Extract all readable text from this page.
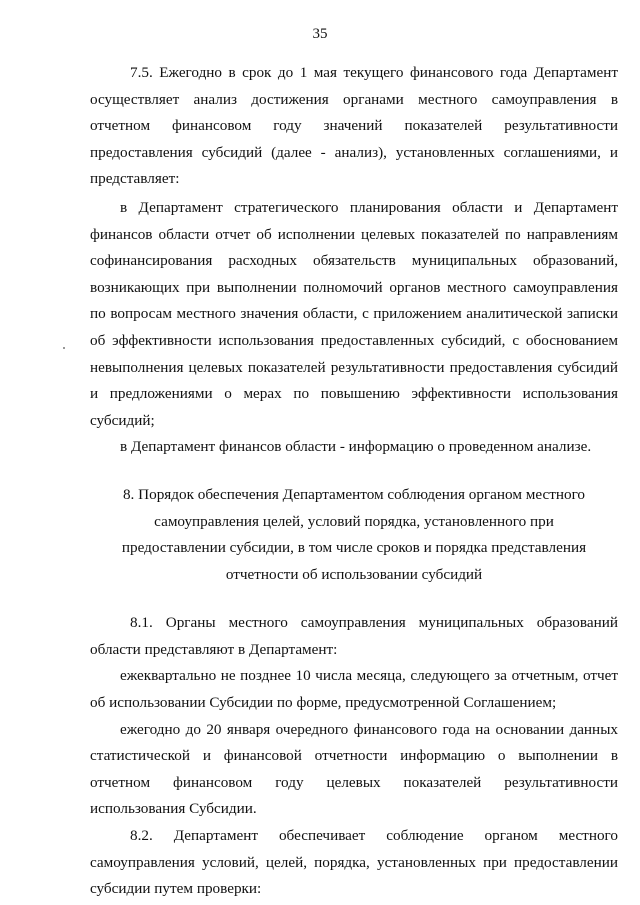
35

7.5. Ежегодно в срок до 1 мая текущего финансового года Департамент осуществляет анализ достижения органами местного самоуправления в отчетном финансовом году значений показателей результативности предоставления субсидий (далее - анализ), установленных соглашениями, и представляет:

в Департамент стратегического планирования области и Департамент финансов области отчет об исполнении целевых показателей по направлениям софинансирования расходных обязательств муниципальных образований, возникающих при выполнении полномочий органов местного самоуправления по вопросам местного значения области, с приложением аналитической записки об эффективности использования предоставленных субсидий, с обоснованием невыполнения целевых показателей результативности предоставления субсидий и предложениями о мерах по повышению эффективности использования субсидий;

в Департамент финансов области - информацию о проведенном анализе.

8. Порядок обеспечения Департаментом соблюдения органом местного самоуправления целей, условий порядка, установленного при предоставлении субсидии, в том числе сроков и порядка представления отчетности об использовании субсидий

8.1. Органы местного самоуправления муниципальных образований области представляют в Департамент:

ежеквартально не позднее 10 числа месяца, следующего за отчетным, отчет об использовании Субсидии по форме, предусмотренной Соглашением;

ежегодно до 20 января очередного финансового года на основании данных статистической и финансовой отчетности информацию о выполнении в отчетном финансовом году целевых показателей результативности использования Субсидии.

8.2. Департамент обеспечивает соблюдение органом местного самоуправления условий, целей, порядка, установленных при предоставлении субсидии путем проверки:
